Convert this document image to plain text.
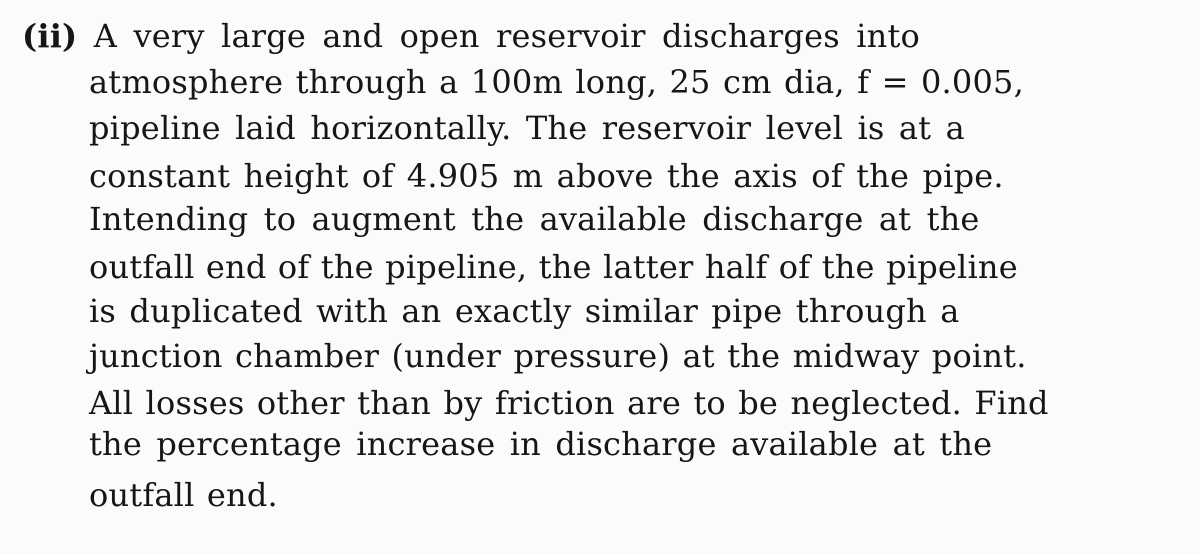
(ii) A very large and open reservoir discharges into

atmosphere through a 100m long, 25 cm dia, f = 0.005,

pipeline laid horizontally. The reservoir level is at a

constant height of 4.905 m above the axis of the pipe.

Intending to augment the available discharge at the

outfall end of the pipeline, the latter half of the pipeline

is duplicated with an exactly similar pipe through a

junction chamber (under pressure) at the midway point.

All losses other than by friction are to be neglected. Find

the percentage increase in discharge available at the

outfall end.
